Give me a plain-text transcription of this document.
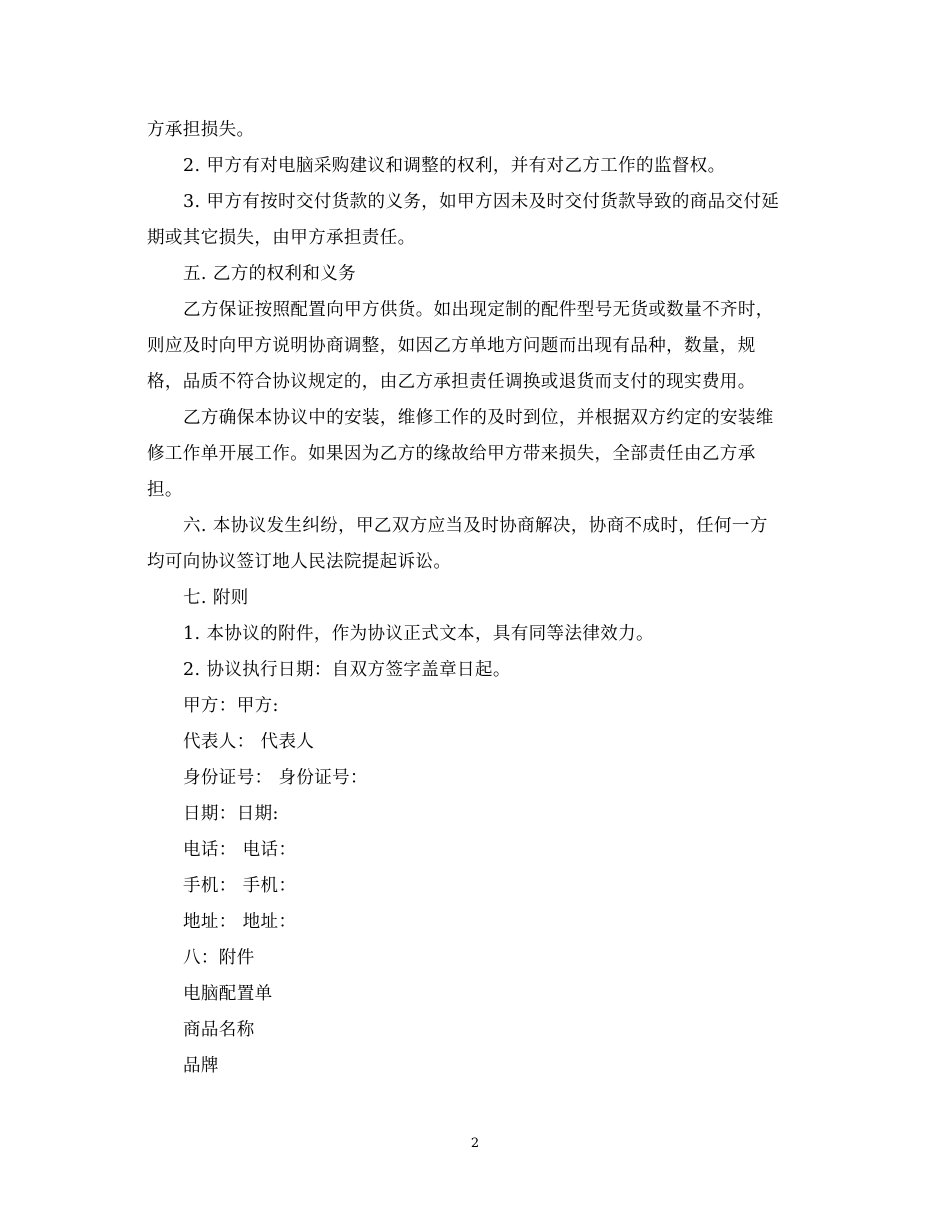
方承担损失。
2. 甲方有对电脑采购建议和调整的权利，并有对乙方工作的监督权。
3. 甲方有按时交付货款的义务，如甲方因未及时交付货款导致的商品交付延
期或其它损失，由甲方承担责任。
五. 乙方的权利和义务
乙方保证按照配置向甲方供货。如出现定制的配件型号无货或数量不齐时，
则应及时向甲方说明协商调整，如因乙方单地方问题而出现有品种，数量，规
格，品质不符合协议规定的，由乙方承担责任调换或退货而支付的现实费用。
乙方确保本协议中的安装，维修工作的及时到位，并根据双方约定的安装维
修工作单开展工作。如果因为乙方的缘故给甲方带来损失，全部责任由乙方承
担。
六. 本协议发生纠纷，甲乙双方应当及时协商解决，协商不成时，任何一方
均可向协议签订地人民法院提起诉讼。
七. 附则
1. 本协议的附件，作为协议正式文本，具有同等法律效力。
2. 协议执行日期：自双方签字盖章日起。
甲方：甲方:
代表人： 代表人
身份证号： 身份证号：
日期：日期:
电话： 电话：
手机： 手机：
地址： 地址：
八：附件
电脑配置单
商品名称
品牌
2
